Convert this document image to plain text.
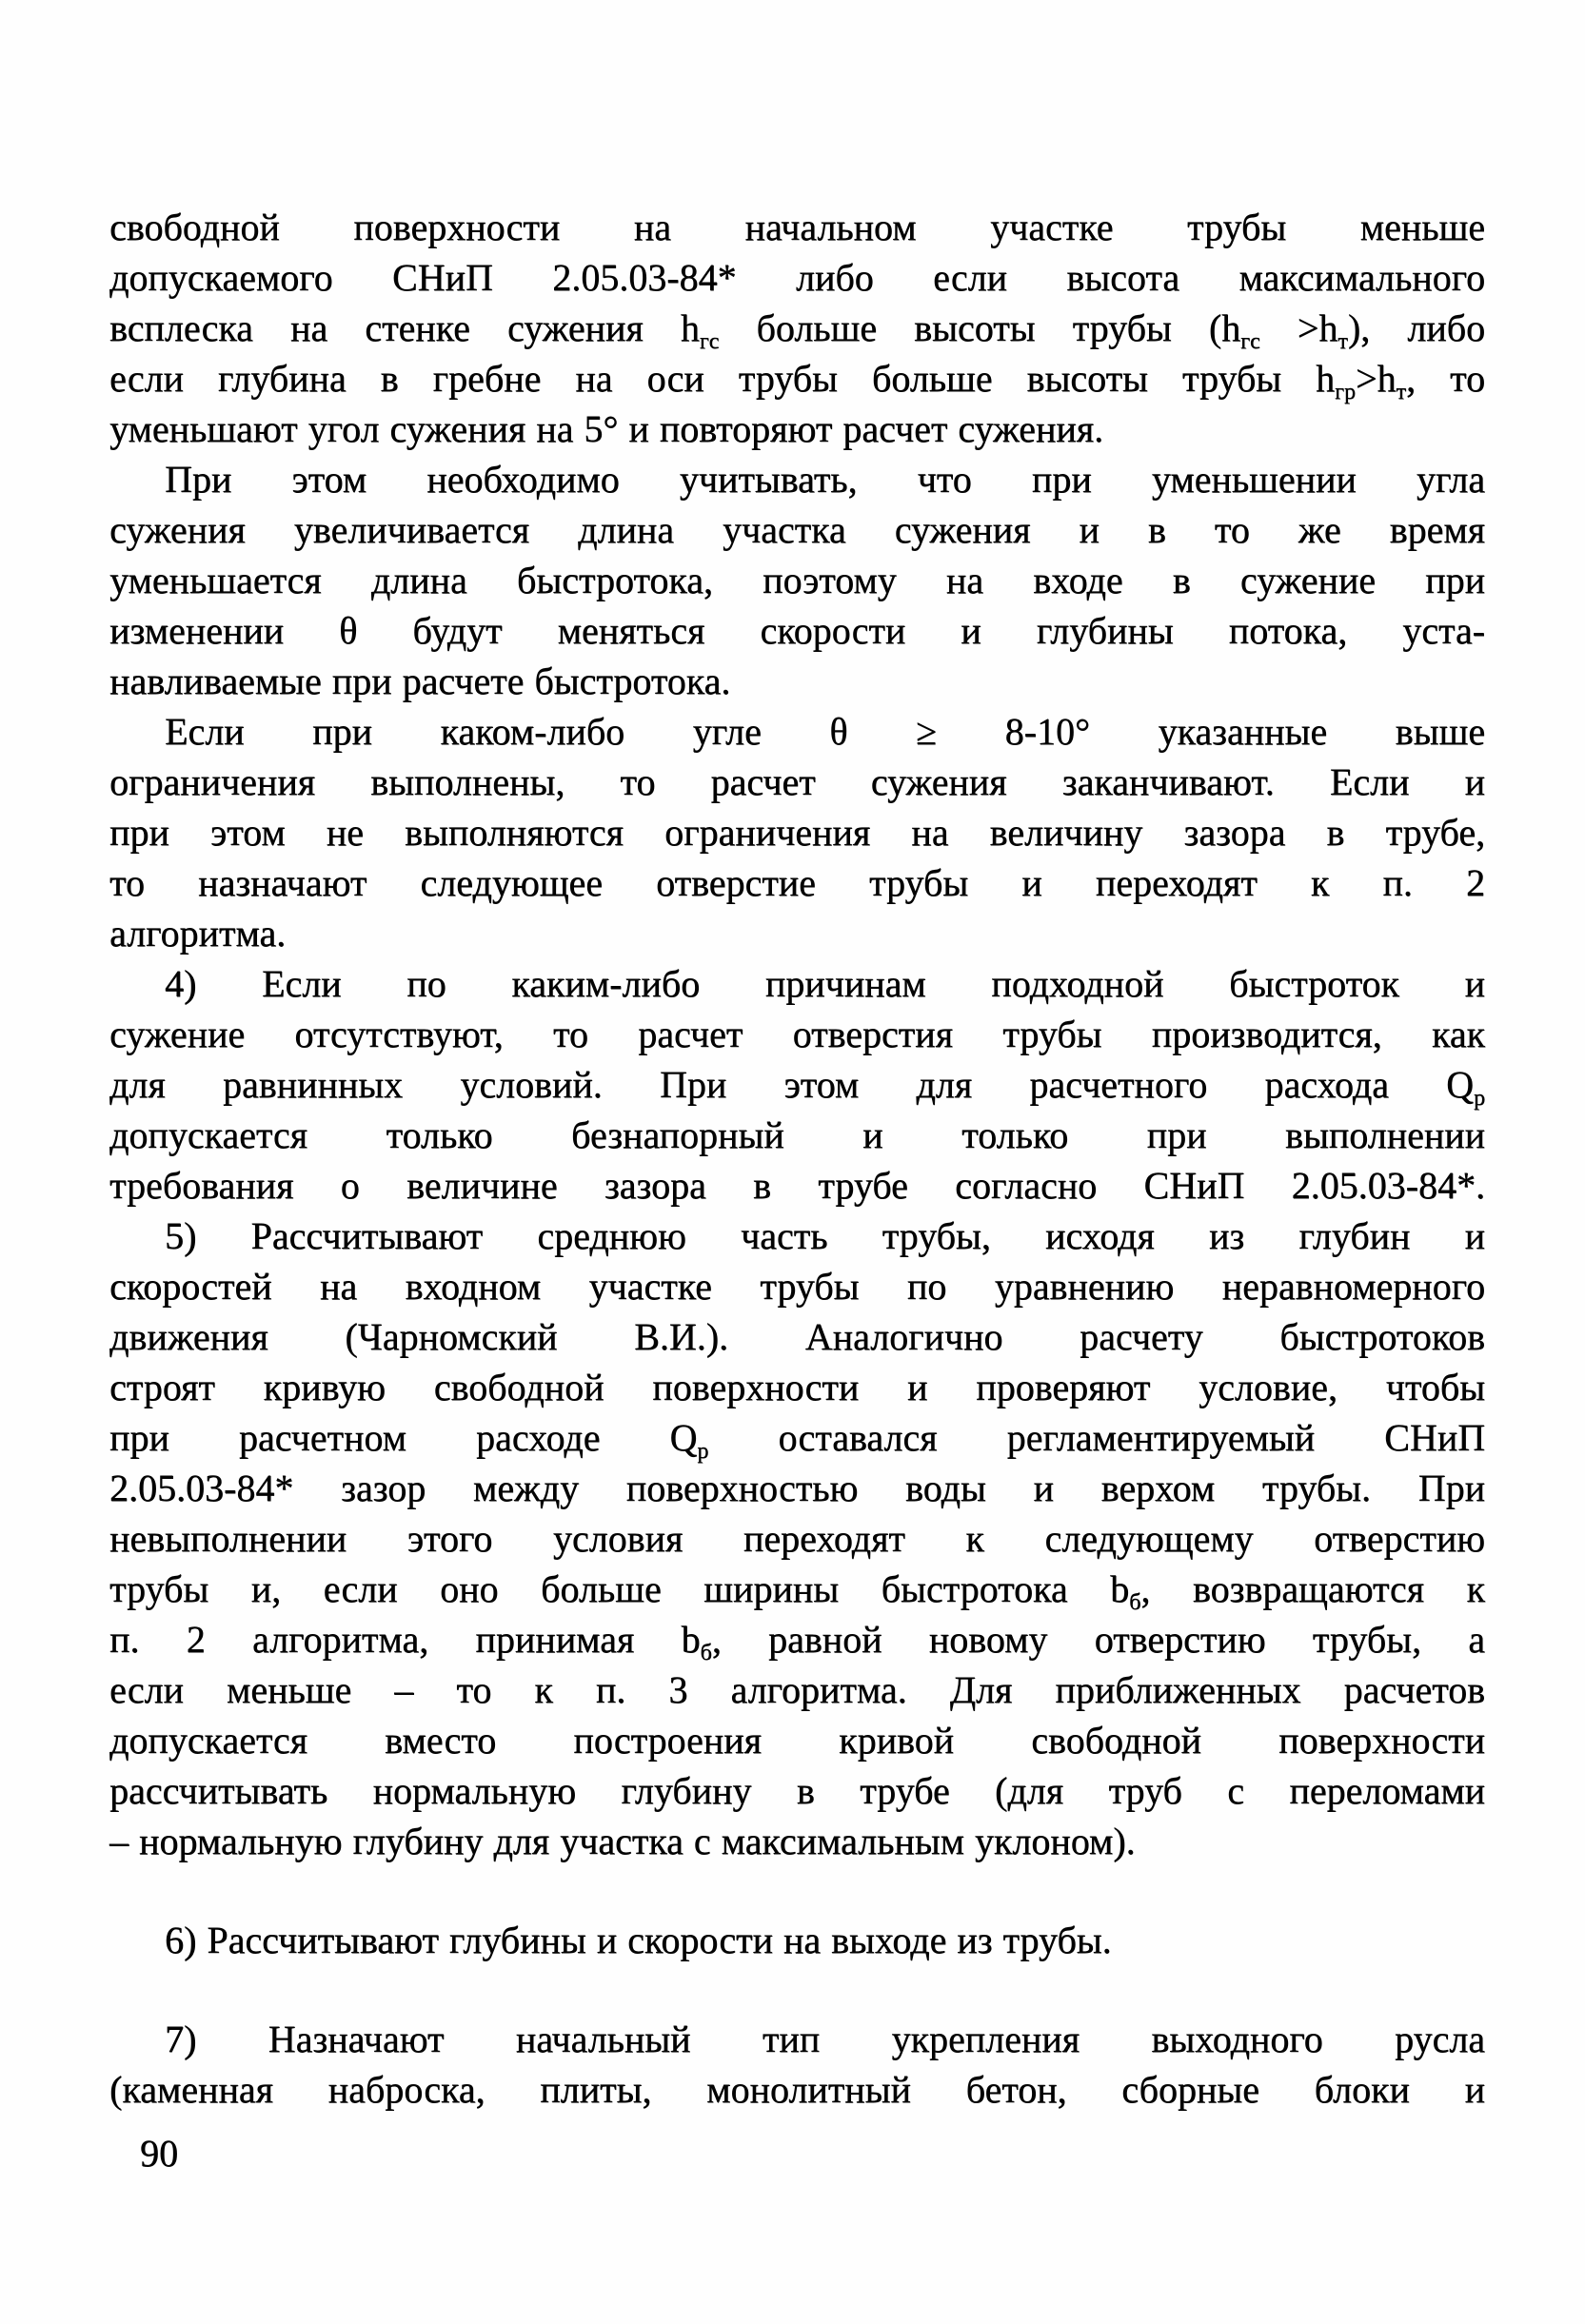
свободной поверхности на начальном участке трубы меньше
допускаемого СНиП 2.05.03-84* либо если высота максимального
всплеска на стенке сужения $h_{гс}$ больше высоты трубы $(h_{гс} >h_т)$, либо
если глубина в гребне на оси трубы больше высоты трубы $h_{гр}>h_т$, то
уменьшают угол сужения на 5° и повторяют расчет сужения.
При этом необходимо учитывать, что при уменьшении угла
сужения увеличивается длина участка сужения и в то же время
уменьшается длина быстротока, поэтому на входе в сужение при
изменении θ будут меняться скорости и глубины потока, уста-
навливаемые при расчете быстротока.
Если при каком-либо угле θ ≥ 8-10° указанные выше
ограничения выполнены, то расчет сужения заканчивают. Если и
при этом не выполняются ограничения на величину зазора в трубе,
то назначают следующее отверстие трубы и переходят к п. 2
алгоритма.
4) Если по каким-либо причинам подходной быстроток и
сужение отсутствуют, то расчет отверстия трубы производится, как
для равнинных условий. При этом для расчетного расхода $Q_р$
допускается только безнапорный и только при выполнении
требования о величине зазора в трубе согласно СНиП 2.05.03-84*.
5) Рассчитывают среднюю часть трубы, исходя из глубин и
скоростей на входном участке трубы по уравнению неравномерного
движения (Чарномский В.И.). Аналогично расчету быстротоков
строят кривую свободной поверхности и проверяют условие, чтобы
при расчетном расходе $Q_р$ оставался регламентируемый СНиП
2.05.03-84* зазор между поверхностью воды и верхом трубы. При
невыполнении этого условия переходят к следующему отверстию
трубы и, если оно больше ширины быстротока $b_б$, возвращаются к
п. 2 алгоритма, принимая $b_б$, равной новому отверстию трубы, а
если меньше – то к п. 3 алгоритма. Для приближенных расчетов
допускается вместо построения кривой свободной поверхности
рассчитывать нормальную глубину в трубе (для труб с переломами
– нормальную глубину для участка с максимальным уклоном).
6) Рассчитывают глубины и скорости на выходе из трубы.
7) Назначают начальный тип укрепления выходного русла
(каменная наброска, плиты, монолитный бетон, сборные блоки и
90
